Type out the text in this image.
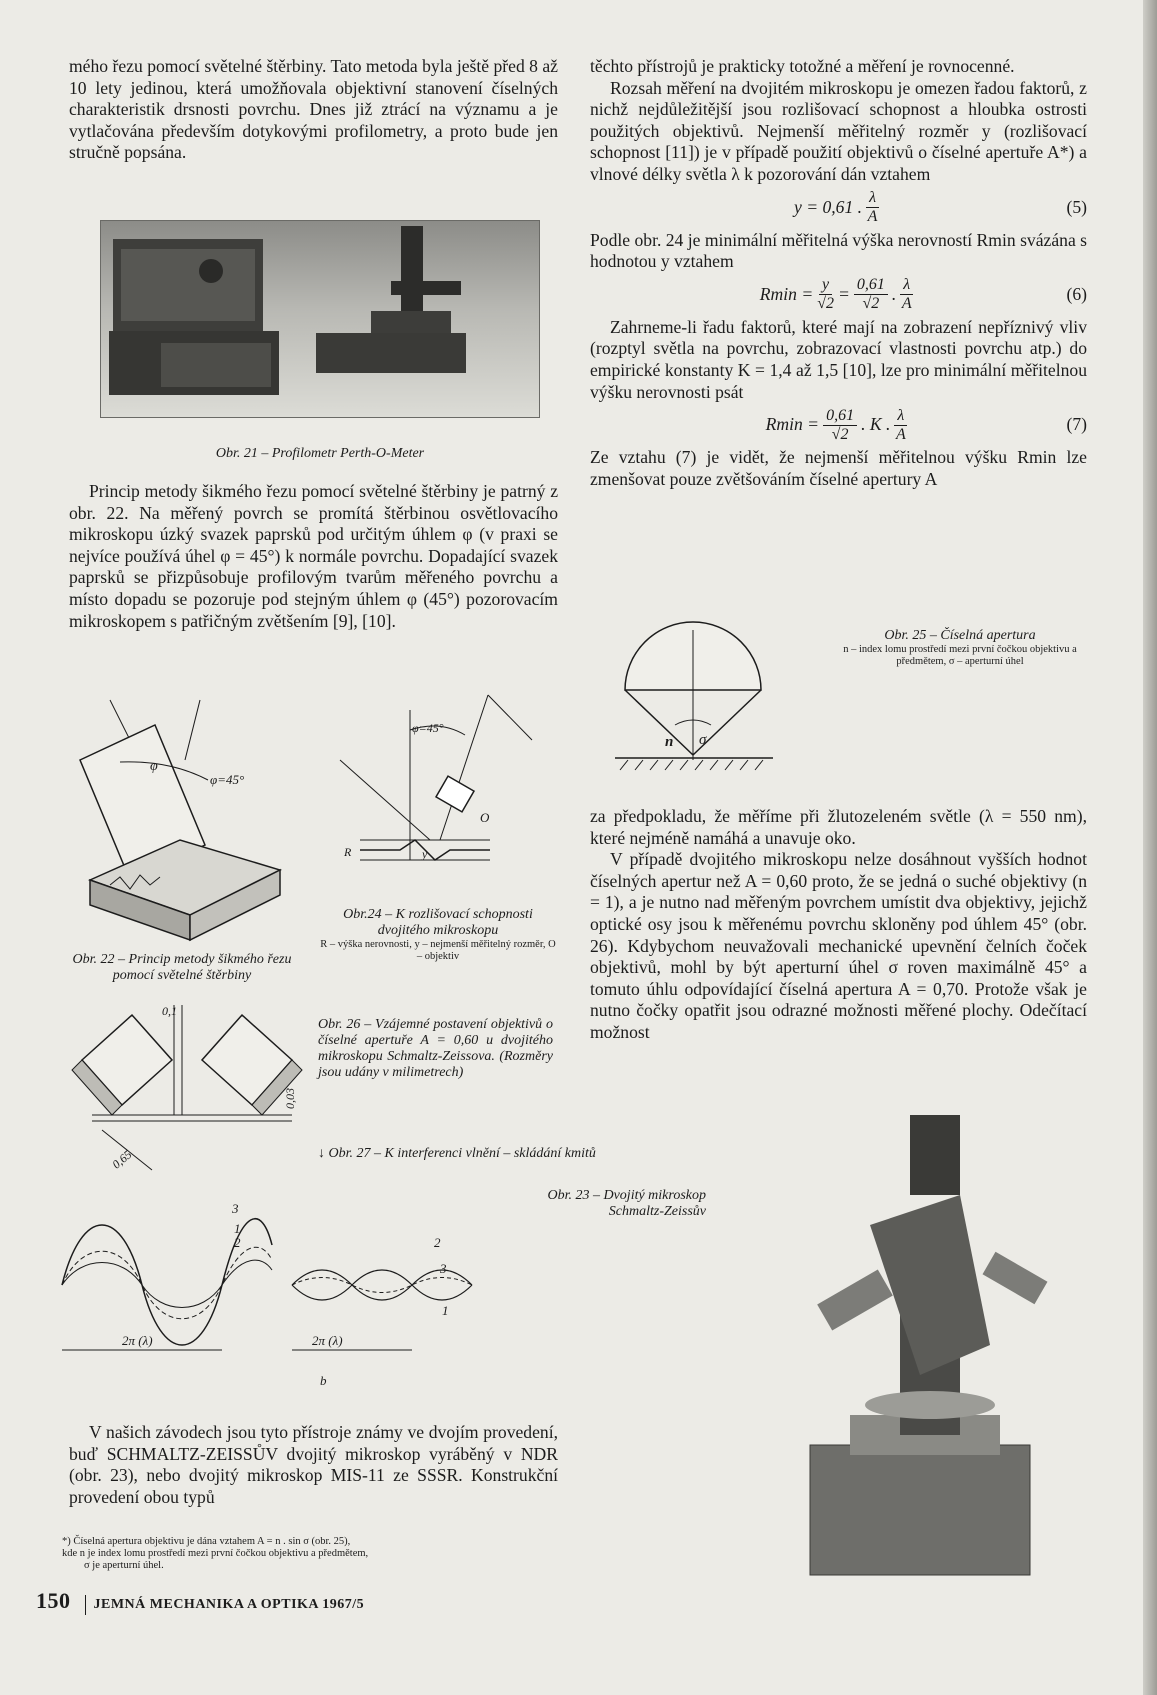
mého řezu pomocí světelné štěrbiny. Tato metoda byla ještě před 8 až 10 lety jedinou, která umožňovala objektivní stanovení číselných charakteristik drsnosti povrchu. Dnes již ztrácí na významu a je vytlačována především dotykovými profilometry, a proto bude jen stručně popsána.

Obr. 21 – Profilometr Perth-O-Meter

Princip metody šikmého řezu pomocí světelné štěrbiny je patrný z obr. 22. Na měřený povrch se promítá štěrbinou osvětlovacího mikroskopu úzký svazek paprsků pod určitým úhlem φ (v praxi se nejvíce používá úhel φ = 45°) k normále povrchu. Dopadající svazek paprsků se přizpůsobuje profilovým tvarům měřeného povrchu a místo dopadu se pozoruje pod stejným úhlem φ (45°) pozorovacím mikroskopem s patřičným zvětšením [9], [10].

φ
φ=45°
Obr. 22 – Princip metody šikmého řezu pomocí světelné štěrbiny
φ=45°
O
R	y
Obr.24 – K rozlišovací schopnosti dvojitého mikroskopu
R – výška nerovnosti, y – nejmenší měřitelný rozměr, O – objektiv
0,1
0,03
0,65
Obr. 26 – Vzájemné postavení objektivů o číselné apertuře A = 0,60 u dvojitého mikroskopu Schmaltz-Zeissova. (Rozměry jsou udány v milimetrech)
↓ Obr. 27 – K interferenci vlnění – skládání kmitů
3
1
2
2π (λ)
2
3
1
2π (λ)
b

V našich závodech jsou tyto přístroje známy ve dvojím provedení, buď SCHMALTZ-ZEISSŮV dvojitý mikroskop vyráběný v NDR (obr. 23), nebo dvojitý mikroskop MIS-11 ze SSSR. Konstrukční provedení obou typů

*) Číselná apertura objektivu je dána vztahem A = n . sin σ (obr. 25),
kde n je index lomu prostředí mezi první čočkou objektivu a předmětem,
σ je aperturní úhel.
150 JEMNÁ MECHANIKA A OPTIKA 1967/5

těchto přístrojů je prakticky totožné a měření je rovnocenné.

Rozsah měření na dvojitém mikroskopu je omezen řadou faktorů, z nichž nejdůležitější jsou rozlišovací schopnost a hloubka ostrosti použitých objektivů. Nejmenší měřitelný rozměr y (rozlišovací schopnost [11]) je v případě použití objektivů o číselné apertuře A*) a vlnové délky světla λ k pozorování dán vztahem

y = 0,61 . $\frac{\lambda}{A}$	(5)

Podle obr. 24 je minimální měřitelná výška nerovností Rmin svázána s hodnotou y vztahem

$Rmin = \frac{y}{√2} = \frac{0,61}{√2}$ . $\frac{\lambda}{A}$	(6)

Zahrneme-li řadu faktorů, které mají na zobrazení nepříznivý vliv (rozptyl světla na povrchu, zobrazovací vlastnosti povrchu atp.) do empirické konstanty K = 1,4 až 1,5 [10], lze pro minimální měřitelnou výšku nerovnosti psát

$Rmin = \frac{0,61}{√2}$ . K . $\frac{\lambda}{A}$	(7)

Ze vztahu (7) je vidět, že nejmenší měřitelnou výšku Rmin lze zmenšovat pouze zvětšováním číselné apertury A

n σ
Obr. 25 – Číselná apertura
n – index lomu prostředí mezi první čočkou objektivu a předmětem, σ – aperturní úhel

za předpokladu, že měříme při žlutozeleném světle (λ = 550 nm), které nejméně namáhá a unavuje oko.

V případě dvojitého mikroskopu nelze dosáhnout vyšších hodnot číselných apertur než A = 0,60 proto, že se jedná o suché objektivy (n = 1), a je nutno nad měřeným povrchem umístit dva objektivy, jejichž optické osy jsou k měřenému povrchu skloněny pod úhlem 45° (obr. 26). Kdybychom neuvažovali mechanické upevnění čelních čoček objektivů, mohl by být aperturní úhel σ roven maximálně 45° a tomuto úhlu odpovídající číselná apertura A = 0,70. Protože však je nutno čočky opatřit jsou odrazné možnosti měřené plochy. Odečítací možnost

Obr. 23 – Dvojitý mikroskop Schmaltz-Zeissův
